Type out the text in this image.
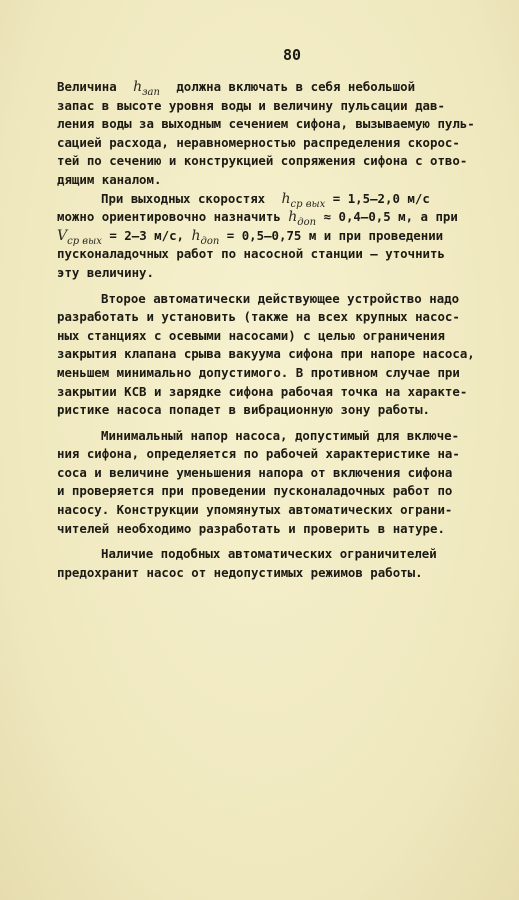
80
Величина $h_{зап}$   должна включать в себя небольшой
запас в высоте уровня воды и величину пульсации дав-
ления воды за выходным сечением сифона, вызываемую пуль-
сацией расхода, неравномерностью распределения скорос-
тей по сечению и конструкцией сопряжения сифона с отво-
дящим каналом.
При выходных скоростях $h_{ср вых} = 1,5-2,0$ м/с
можно ориентировочно назначить $h_{доп} \approx 0,4-0,5$ м, а при
$V_{ср вых} = 2-3$ м/с, $h_{доп} = 0,5-0,75$ м и при проведении
пусконаладочных работ по насосной станции – уточнить
эту величину.
Второе автоматически действующее устройство надо
разработать и установить (также на всех крупных насос-
ных станциях с осевыми насосами) с целью ограничения
закрытия клапана срыва вакуума сифона при напоре насоса,
меньшем минимально допустимого. В противном случае при
закрытии КСВ и зарядке сифона рабочая точка на характе-
ристике насоса попадет в вибрационную зону работы.
Минимальный напор насоса, допустимый для включе-
ния сифона, определяется по рабочей характеристике на-
соса и величине уменьшения напора от включения сифона
и проверяется при проведении пусконаладочных работ по
насосу. Конструкции упомянутых автоматических ограни-
чителей необходимо разработать и проверить в натуре.
Наличие подобных автоматических ограничителей
предохранит насос от недопустимых режимов работы.
